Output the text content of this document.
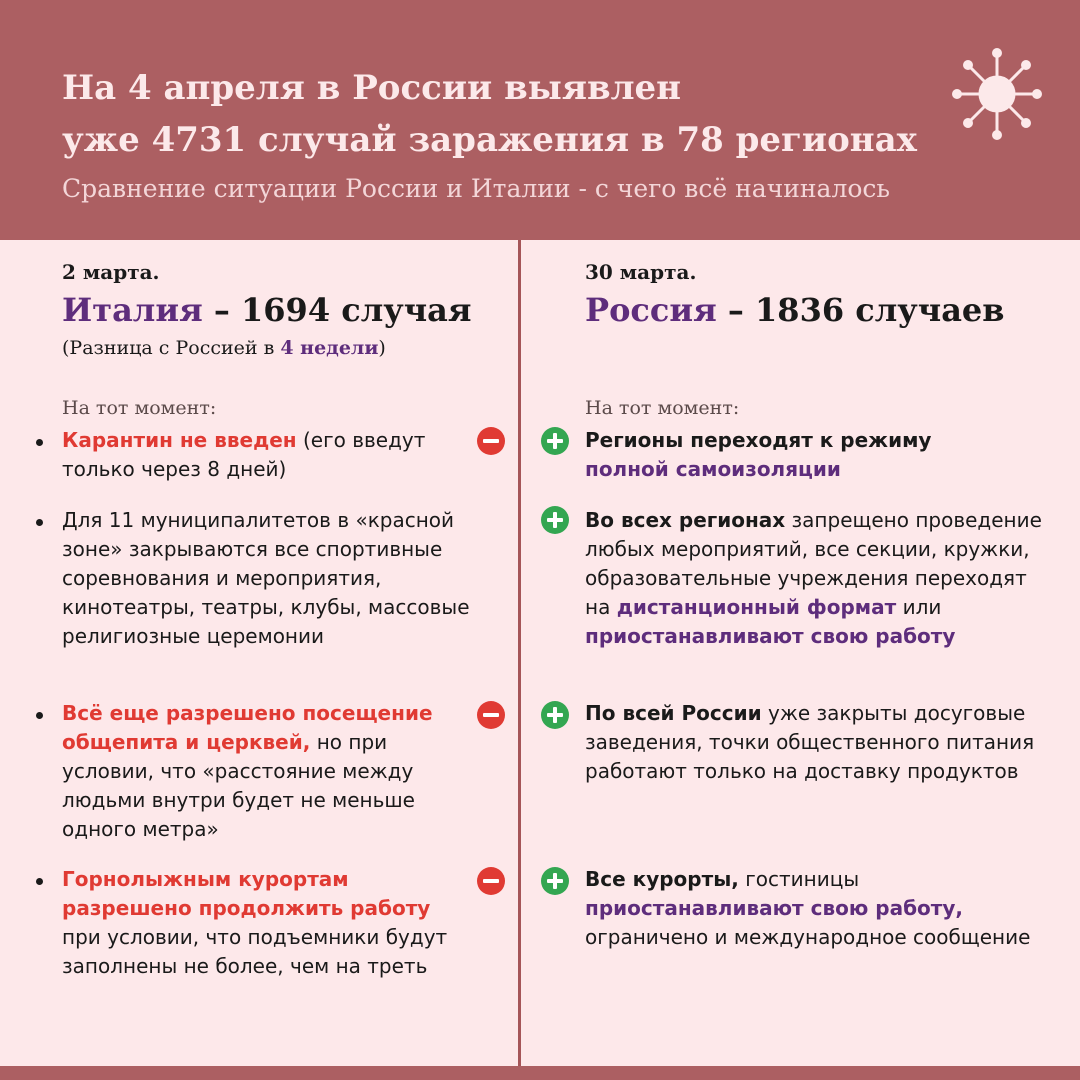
На 4 апреля в России выявлен
уже 4731 случай заражения в 78 регионах
Сравнение ситуации России и Италии - с чего всё начиналось
2 марта.
Италия – 1694 случая
(Разница с Россией в 4 недели)
На тот момент:
Карантин не введен (его введут только через 8 дней)
Для 11 муниципалитетов в «красной зоне» закрываются все спортивные соревнования и мероприятия, кинотеатры, театры, клубы, массовые религиозные церемонии
Всё еще разрешено посещение общепита и церквей, но при условии, что «расстояние между людьми внутри будет не меньше одного метра»
Горнолыжным курортам разрешено продолжить работу при условии, что подъемники будут заполнены не более, чем на треть
30 марта.
Россия – 1836 случаев
На тот момент:
Регионы переходят к режиму
полной самоизоляции
Во всех регионах запрещено проведение любых мероприятий, все секции, кружки, образовательные учреждения переходят на дистанционный формат или приостанавливают свою работу
По всей России уже закрыты досуговые заведения, точки общественного питания работают только на доставку продуктов
Все курорты, гостиницы приостанавливают свою работу, ограничено и международное сообщение
